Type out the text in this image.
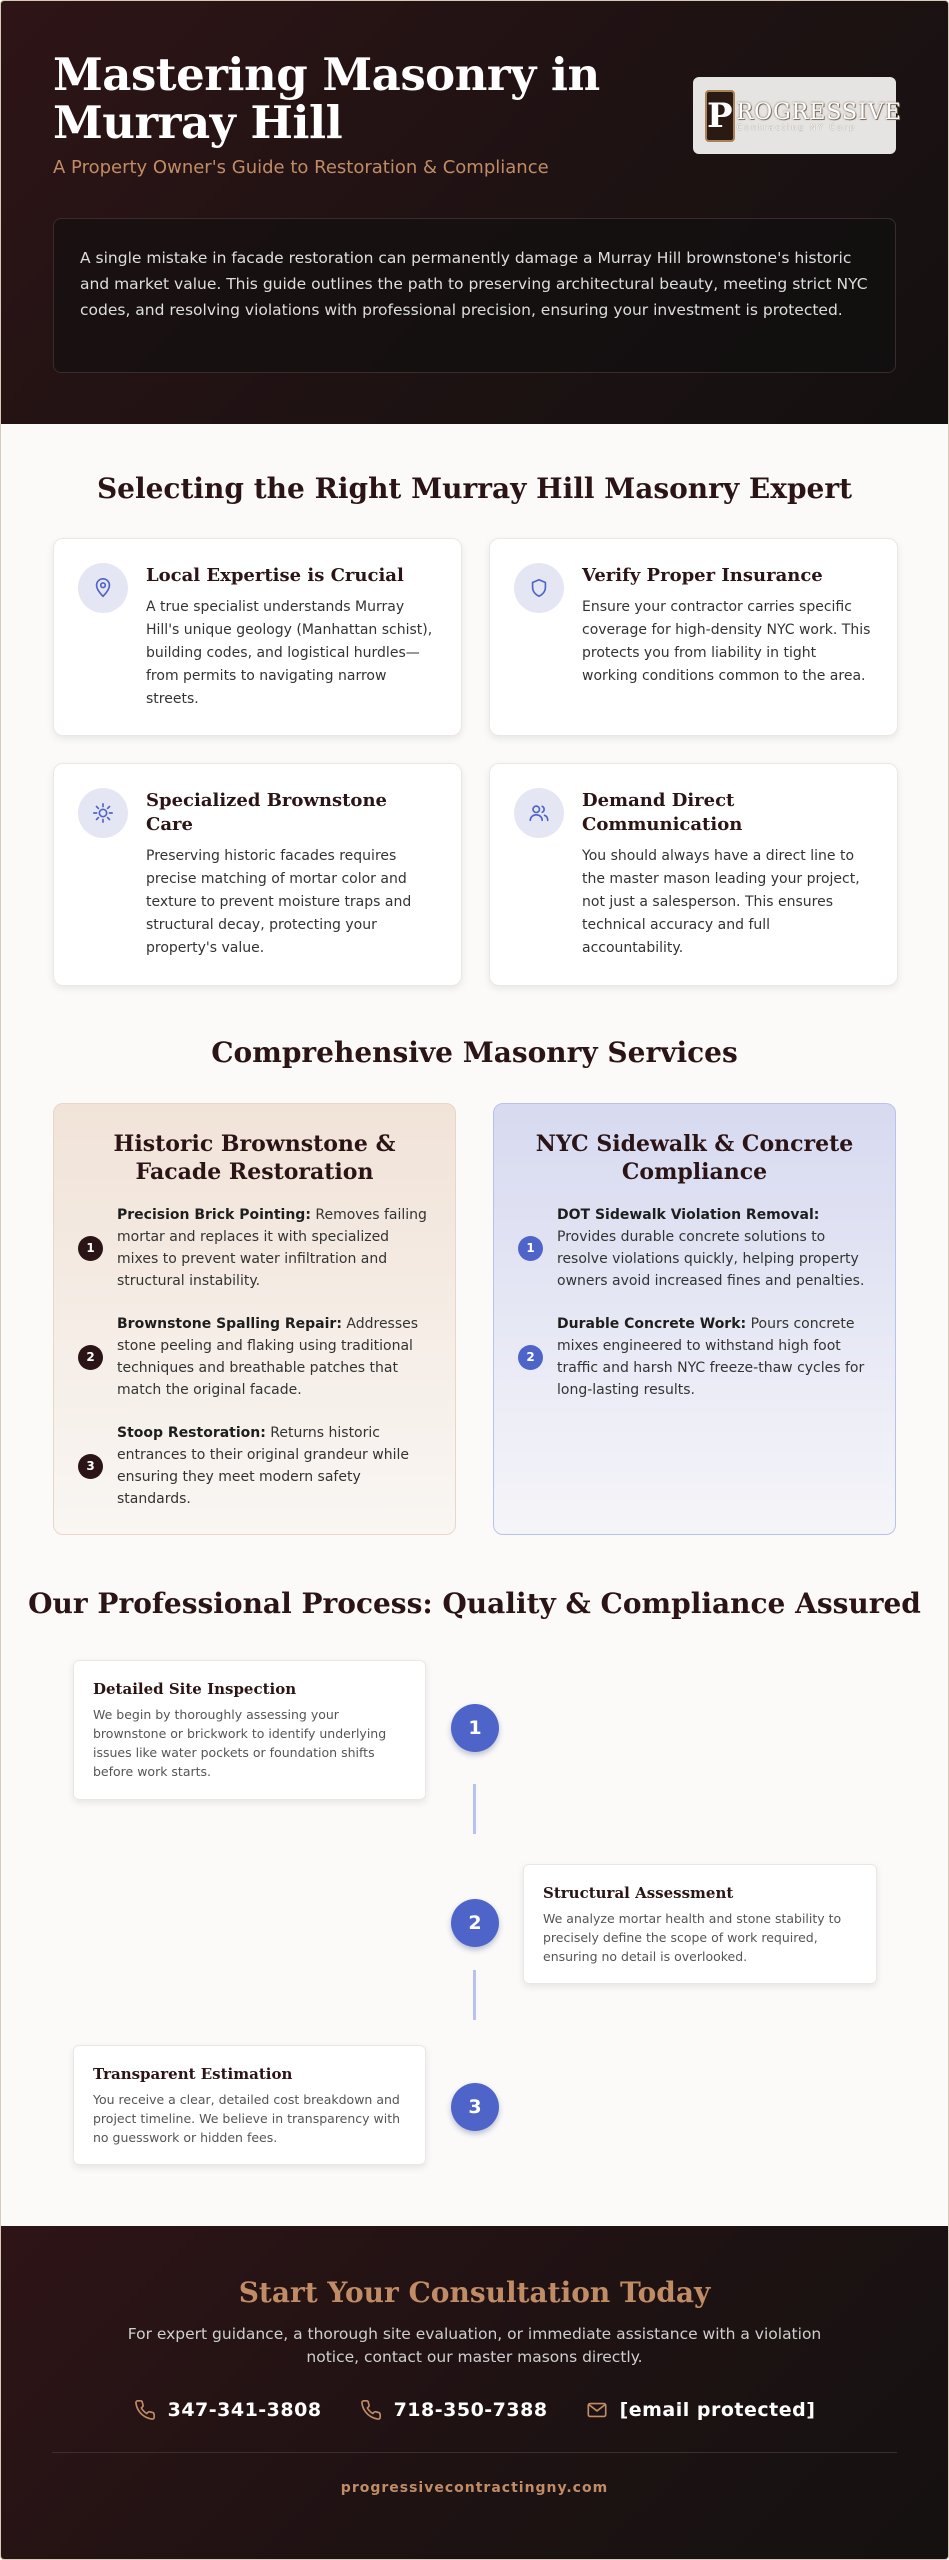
Mastering Masonry in Murray Hill
A Property Owner's Guide to Restoration & Compliance
P ROGRESSIVE
Contracting NY Corp

A single mistake in facade restoration can permanently damage a Murray Hill brownstone's historic and market value. This guide outlines the path to preserving architectural beauty, meeting strict NYC codes, and resolving violations with professional precision, ensuring your investment is protected.

Selecting the Right Murray Hill Masonry Expert
Local Expertise is Crucial

A true specialist understands Murray Hill's unique geology (Manhattan schist), building codes, and logistical hurdles—from permits to navigating narrow streets.

Verify Proper Insurance

Ensure your contractor carries specific coverage for high-density NYC work. This protects you from liability in tight working conditions common to the area.

Specialized Brownstone Care

Preserving historic facades requires precise matching of mortar color and texture to prevent moisture traps and structural decay, protecting your property's value.

Demand Direct Communication

You should always have a direct line to the master mason leading your project, not just a salesperson. This ensures technical accuracy and full accountability.

Comprehensive Masonry Services
Historic Brownstone & Facade Restoration
1

Precision Brick Pointing: Removes failing mortar and replaces it with specialized mixes to prevent water infiltration and structural instability.

2

Brownstone Spalling Repair: Addresses stone peeling and flaking using traditional techniques and breathable patches that match the original facade.

3

Stoop Restoration: Returns historic entrances to their original grandeur while ensuring they meet modern safety standards.

NYC Sidewalk & Concrete Compliance
1

DOT Sidewalk Violation Removal: Provides durable concrete solutions to resolve violations quickly, helping property owners avoid increased fines and penalties.

2

Durable Concrete Work: Pours concrete mixes engineered to withstand high foot traffic and harsh NYC freeze-thaw cycles for long-lasting results.

Our Professional Process: Quality & Compliance Assured
Detailed Site Inspection

We begin by thoroughly assessing your brownstone or brickwork to identify underlying issues like water pockets or foundation shifts before work starts.

1
Structural Assessment

We analyze mortar health and stone stability to precisely define the scope of work required, ensuring no detail is overlooked.

2
Transparent Estimation

You receive a clear, detailed cost breakdown and project timeline. We believe in transparency with no guesswork or hidden fees.

3
Start Your Consultation Today

For expert guidance, a thorough site evaluation, or immediate assistance with a violation notice, contact our master masons directly.

347-341-3808	718-350-7388	[email protected]
progressivecontractingny.com
